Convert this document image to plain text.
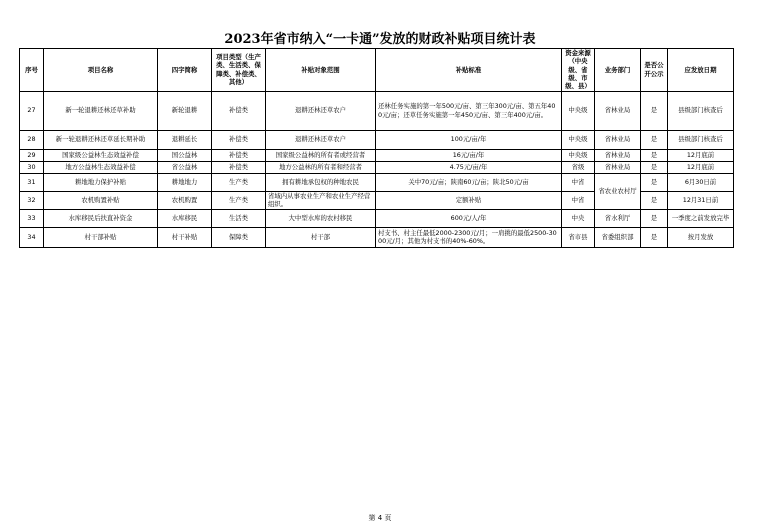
2023年省市纳入“一卡通”发放的财政补贴项目统计表
序号	项目名称	四字简称	项目类型（生产类、生活类、保障类、补偿类、其他）	补贴对象范围	补贴标准	资金来源（中央级、省级、市级、县）	业务部门	是否公开公示	应发放日期
27	新一轮退耕还林还草补助	新轮退耕	补偿类	退耕还林还草农户	还林任务实施的第一年500元/亩、第三年300元/亩、第五年400元/亩；还草任务实施第一年450元/亩、第三年400元/亩。	中央级	省林业局	是	县级部门核查后
28	新一轮退耕还林还草延长期补助	退耕延长	补偿类	退耕还林还草农户	100元/亩/年	中央级	省林业局	是	县级部门核查后
29	国家级公益林生态效益补偿	国公益林	补偿类	国家级公益林的所有者或经营者	16元/亩/年	中央级	省林业局	是	12月底前
30	地方公益林生态效益补偿	省公益林	补偿类	地方公益林的所有者和经营者	4.75元/亩/年	省级	省林业局	是	12月底前
31	耕地地力保护补贴	耕地地力	生产类	拥有耕地承包权的种地农民	关中70元/亩；陕南60元/亩；陕北50元/亩	中省	省农业农村厅	是	6月30日前
32	农机购置补贴	农机购置	生产类	省域内从事农业生产和农业生产经营组织。	定额补贴	中省		是	12月31日前
33	水库移民后扶直补资金	水库移民	生活类	大中型水库的农村移民	600元/人/年	中央	省水利厅	是	一季度之前发放完毕
34	村干部补贴	村干补贴	保障类	村干部	村支书、村主任最低2000-2300元/月；一肩挑的最低2500-3000元/月；其他为村支书的40%-60%。	省市县	省委组织部	是	按月发放
第 4 页
